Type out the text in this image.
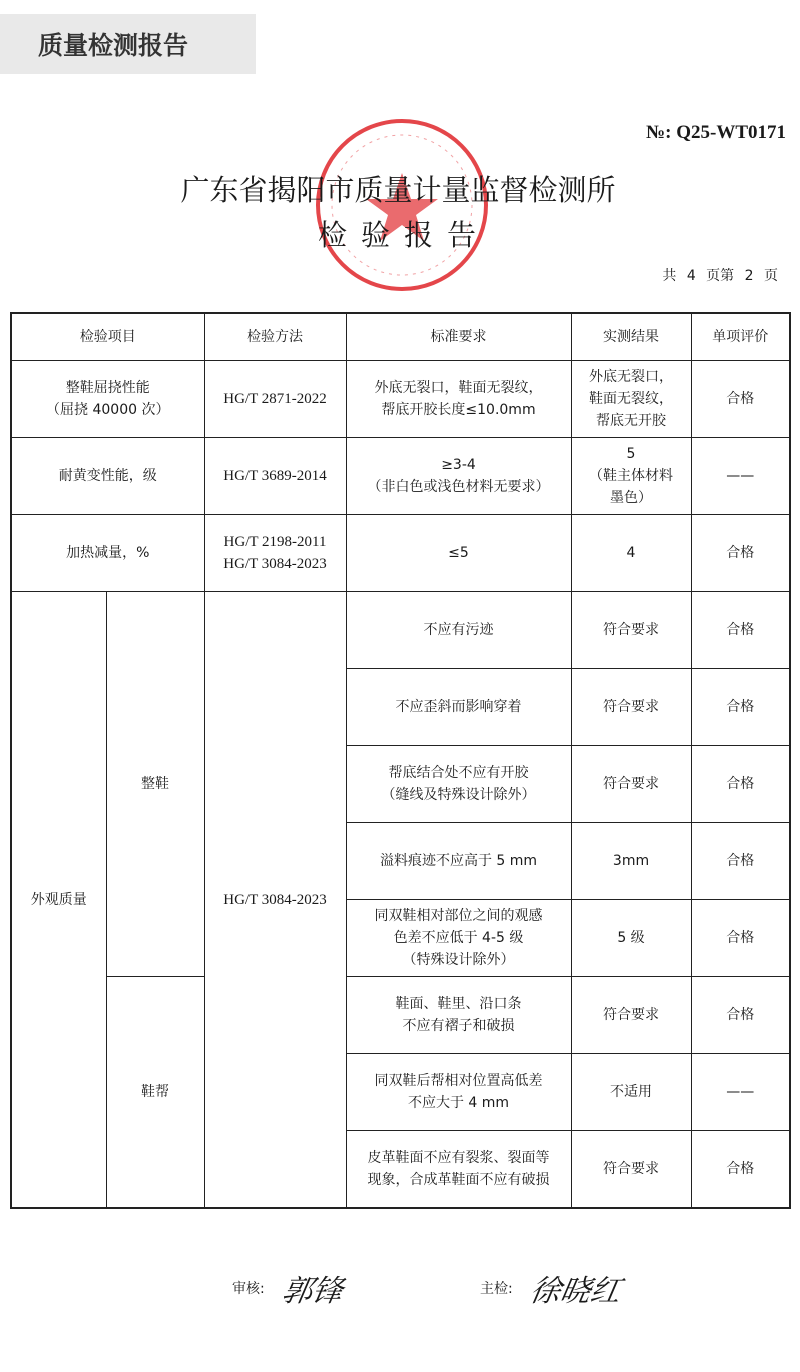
质量检测报告
№: Q25-WT0171
广东省揭阳市质量计量监督检测所
检验报告
共 4 页第 2 页
检验项目		检验方法	标准要求	实测结果	单项评价
整鞋屈挠性能
（屈挠 40000 次）		HG/T 2871-2022	外底无裂口，鞋面无裂纹，
帮底开胶长度≤10.0mm	外底无裂口，
鞋面无裂纹，
帮底无开胶	合格
耐黄变性能，级		HG/T 3689-2014	≥3-4
（非白色或浅色材料无要求）	5
（鞋主体材料
墨色）	——
加热减量，%		HG/T 2198-2011
HG/T 3084-2023	≤5	4	合格
外观质量	整鞋	HG/T 3084-2023	不应有污迹	符合要求	合格
			不应歪斜而影响穿着	符合要求	合格
			帮底结合处不应有开胶
（缝线及特殊设计除外）	符合要求	合格
			溢料痕迹不应高于 5 mm	3mm	合格
			同双鞋相对部位之间的观感
色差不应低于 4-5 级
（特殊设计除外）	5 级	合格
	鞋帮		鞋面、鞋里、沿口条
不应有褶子和破损	符合要求	合格
			同双鞋后帮相对位置高低差
不应大于 4 mm	不适用	——
			皮革鞋面不应有裂浆、裂面等
现象，合成革鞋面不应有破损	符合要求	合格
审核: 郭锋	主检: 徐晓红
